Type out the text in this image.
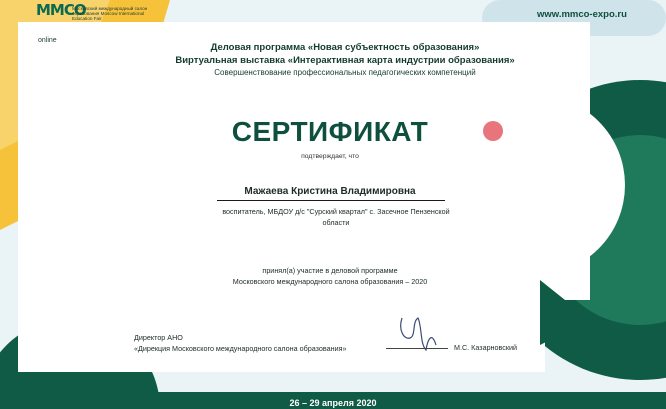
ММСО
Московский международный салон образования Moscow International Education Fair
online
www.mmco-expo.ru
Деловая программа «Новая субъектность образования»
Виртуальная выставка «Интерактивная карта индустрии образования»
Совершенствование профессиональных педагогических компетенций
СЕРТИФИКАТ
подтверждает, что
Мажаева Кристина Владимировна
воспитатель, МБДОУ д/с "Сурский квартал" с. Засечное Пензенской
области
принял(а) участие в деловой программе
Московского международного салона образования – 2020
Директор АНО
«Дирекция Московского международного салона образования»	М.С. Казарновский
26 – 29 апреля 2020
